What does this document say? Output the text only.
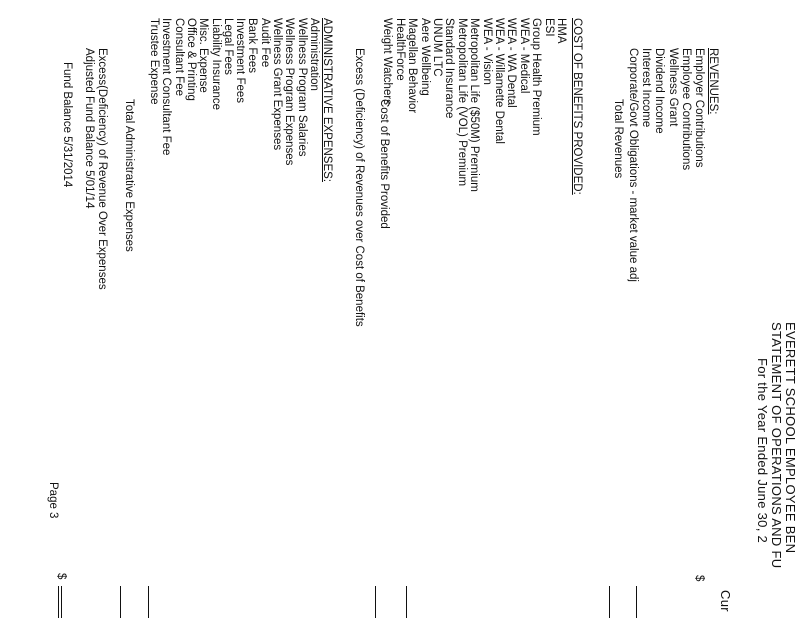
EVERETT SCHOOL EMPLOYEE BEN
STATEMENT OF OPERATIONS AND FU
For the Year Ended June 30, 2
Cur
REVENUES:
Employer Contributions
Employee Contributions
Wellness Grant
Dividend Income
Interest Income
Corporate/Govt Obligations - market value adj
$
Total Revenues
COST OF BENEFITS PROVIDED:
HMA
ESI
Group Health Premium
WEA - Medical
WEA - WA Dental
WEA - Willamette Dental
WEA - Vision
Metropolitan Life ($50M) Premium
Metropolitan Life (VOL) Premium
Standard Insurance
UNUM LTC
Aere Wellbeing
Magellan Behavior
HealthForce
Weight Watchers
Cost of Benefits Provided
Excess (Deficiency) of Revenues over Cost of Benefits
ADMINISTRATIVE EXPENSES:
Administration
Wellness Program Salaries
Wellness Program Expenses
Wellness Grant Expenses
Audit Fee
Bank Fees
Investment Fees
Legal Fees
Liability Insurance
Misc. Expense
Office & Printing
Consultant Fee
Investment Consultant Fee
Trustee Expense
Total Administrative Expenses
Excess(Deficiency) of Revenue Over Expenses
Adjusted Fund Balance 5/01/14
Fund Balance 5/31/2014
$
Page 3
